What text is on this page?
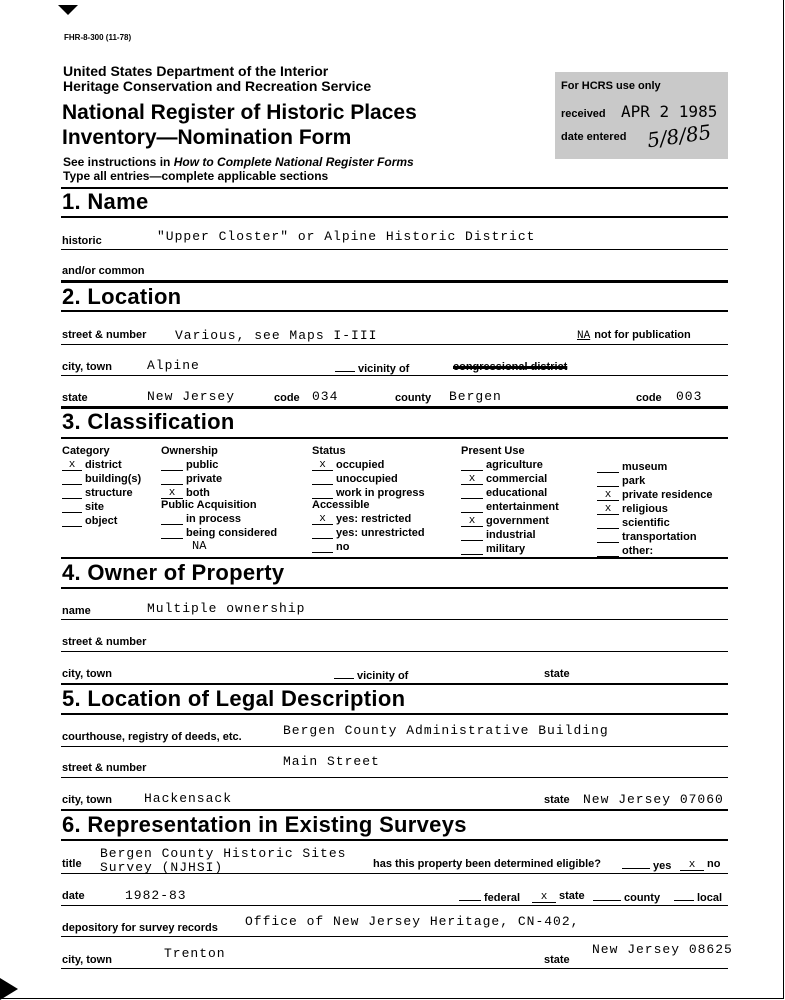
FHR-8-300 (11-78)
United States Department of the Interior
Heritage Conservation and Recreation Service
National Register of Historic Places
Inventory—Nomination Form
See instructions in How to Complete National Register Forms
Type all entries—complete applicable sections
For HCRS use only
received APR 2 1985
date entered 5/8/85
1. Name
historic	"Upper Closter" or Alpine Historic District
and/or common
2. Location
street & number Various, see Maps I-III	NA not for publication
city, town	Alpine	vicinity of	congressional district
state	New Jersey	code 034	county Bergen	code 003
3. Classification
Category
x district
building(s)
structure
site
object
Ownership
public
private
x both
Public Acquisition
in process
being considered
NA
Status
x occupied
unoccupied
work in progress
Accessible
x yes: restricted
yes: unrestricted
no
Present Use
agriculture
x commercial
educational
entertainment
x government
industrial
military
museum
park
x private residence
x religious
scientific
transportation
other:
4. Owner of Property
name	Multiple ownership
street & number
city, town	vicinity of	state
5. Location of Legal Description
courthouse, registry of deeds, etc.	Bergen County Administrative Building
street & number	Main Street
city, town Hackensack	state New Jersey 07060
6. Representation in Existing Surveys
title
Bergen County Historic Sites
Survey (NJHSI)	has this property been determined eligible?	yes	x no
date	1982-83	federal	x state	county	local
depository for survey records Office of New Jersey Heritage, CN-402,
city, town	Trenton	state
New Jersey 08625
